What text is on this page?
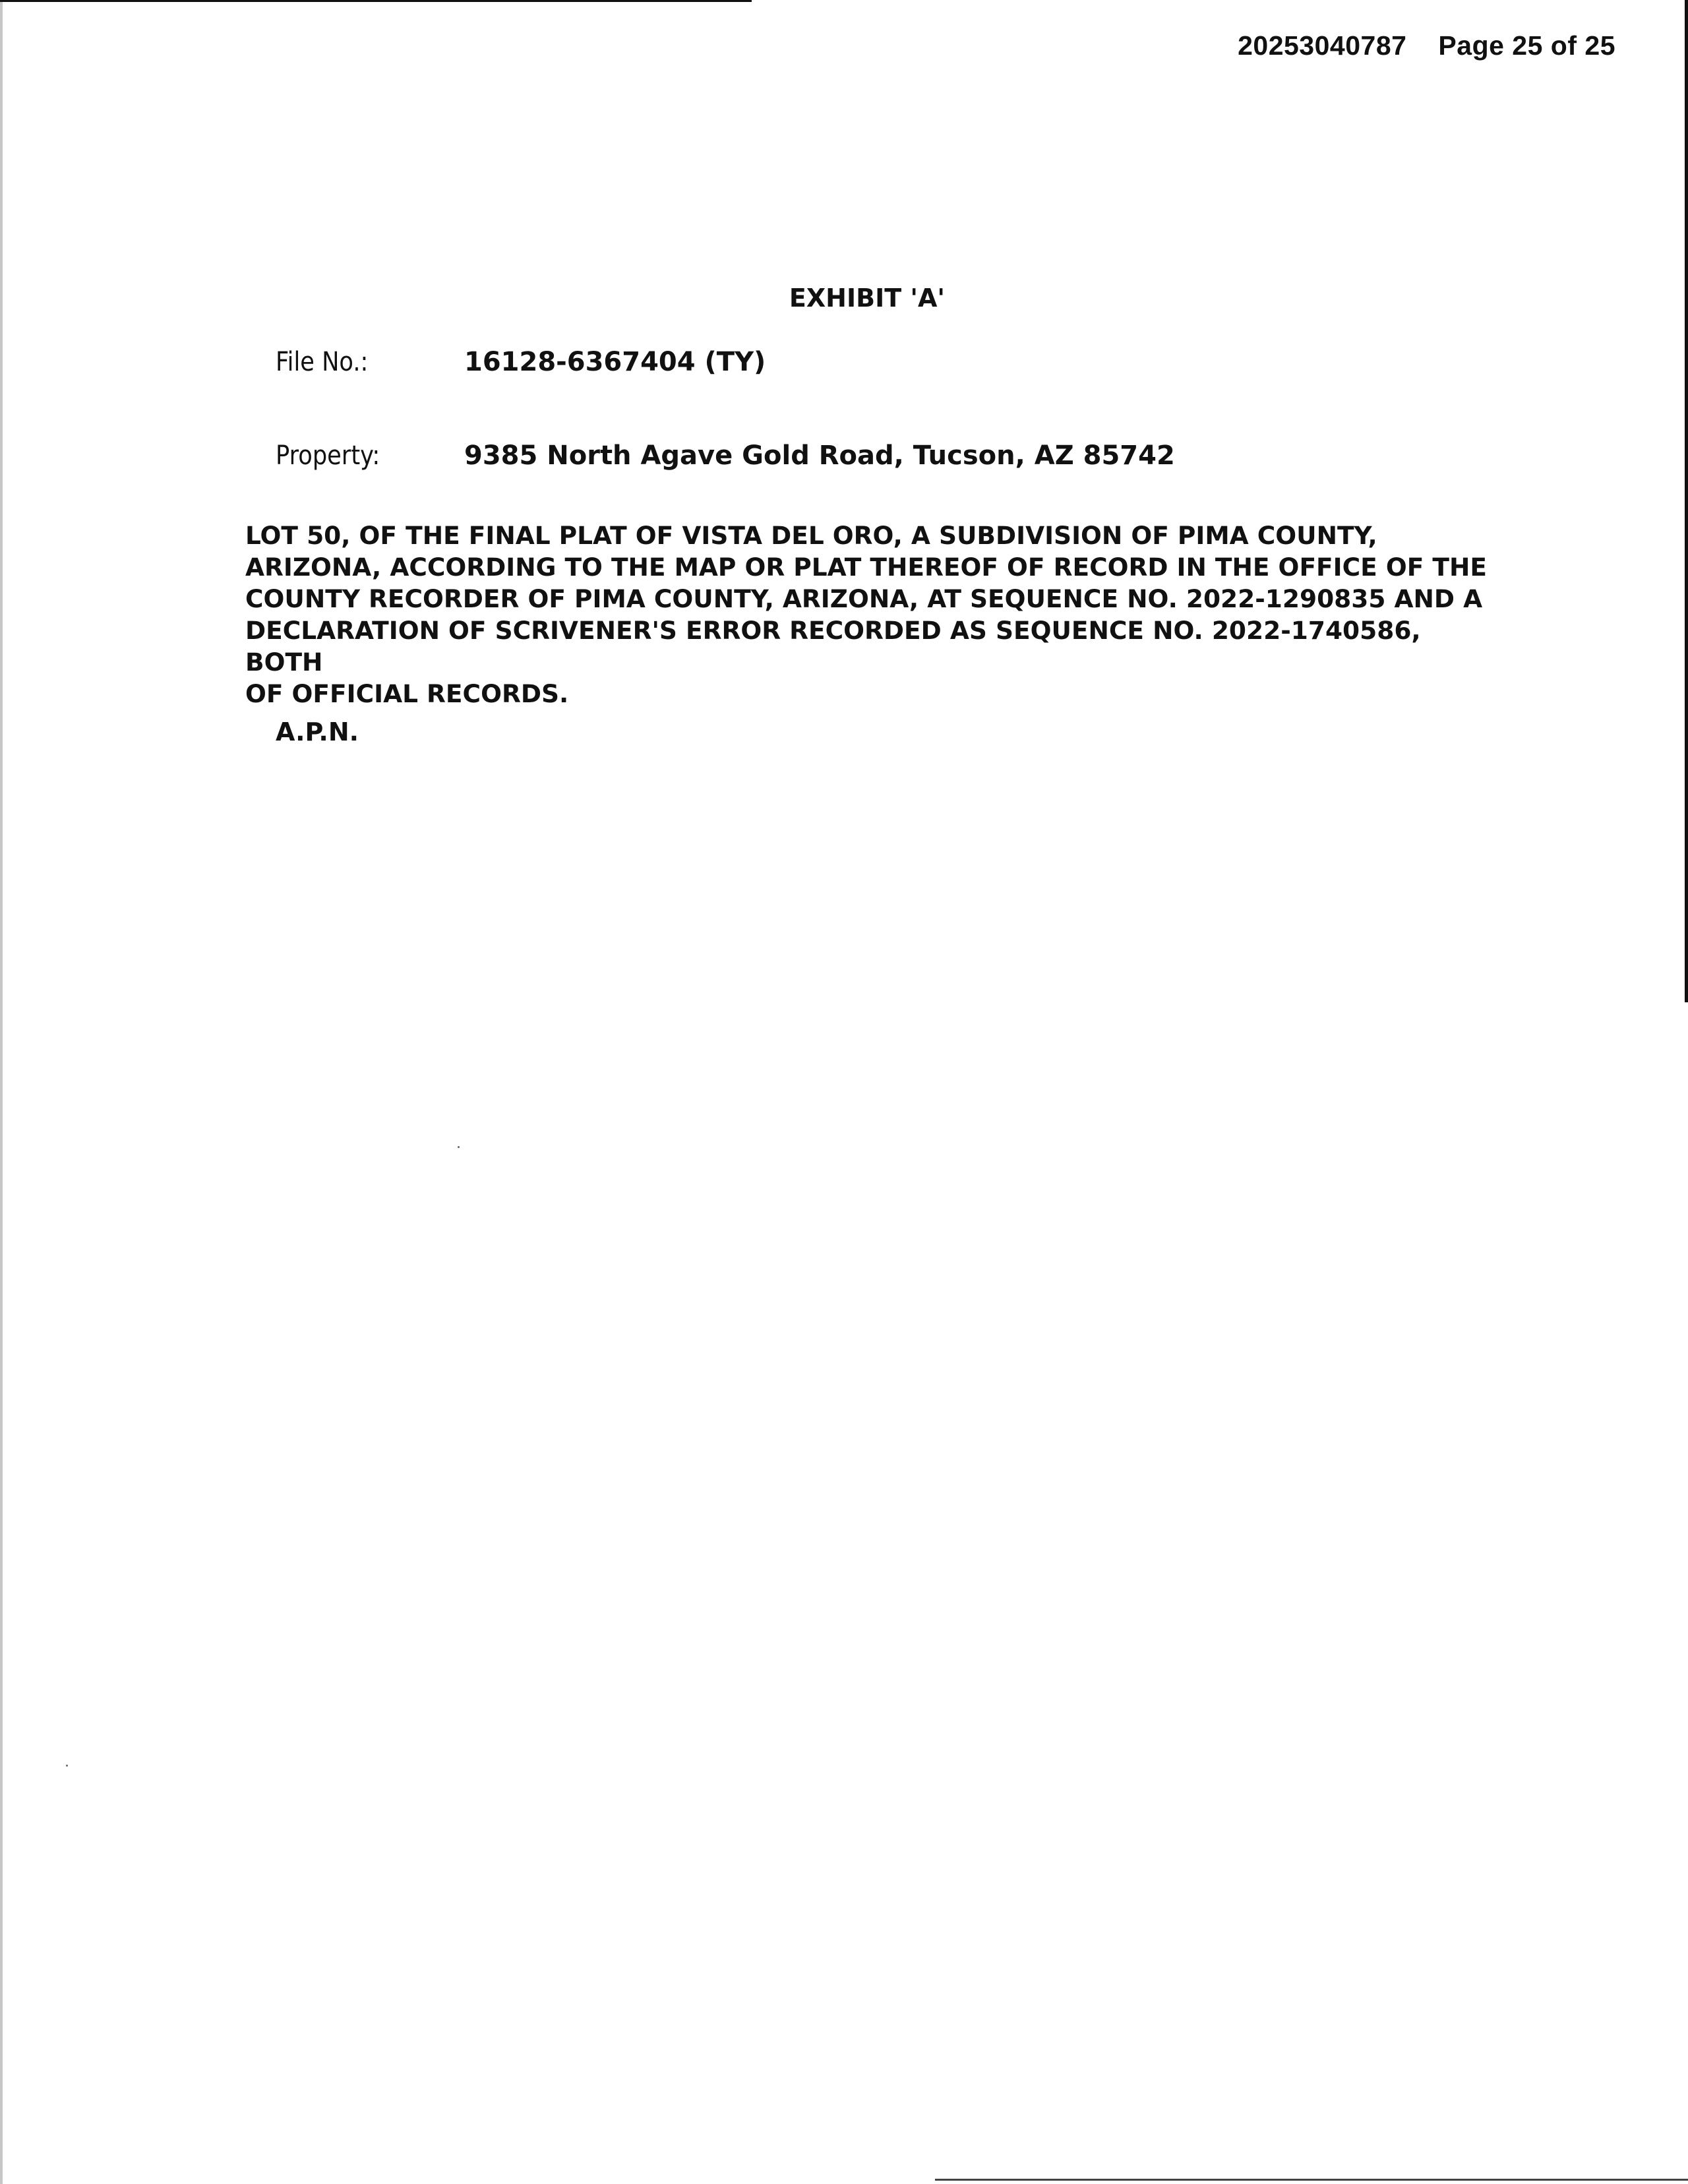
20253040787 Page 25 of 25
EXHIBIT 'A'
File No.:	16128-6367404 (TY)
Property:	9385 North Agave Gold Road, Tucson, AZ 85742
LOT 50, OF THE FINAL PLAT OF VISTA DEL ORO, A SUBDIVISION OF PIMA COUNTY,
ARIZONA, ACCORDING TO THE MAP OR PLAT THEREOF OF RECORD IN THE OFFICE OF THE
COUNTY RECORDER OF PIMA COUNTY, ARIZONA, AT SEQUENCE NO. 2022-1290835 AND A
DECLARATION OF SCRIVENER'S ERROR RECORDED AS SEQUENCE NO. 2022-1740586, BOTH
OF OFFICIAL RECORDS.
A.P.N.
